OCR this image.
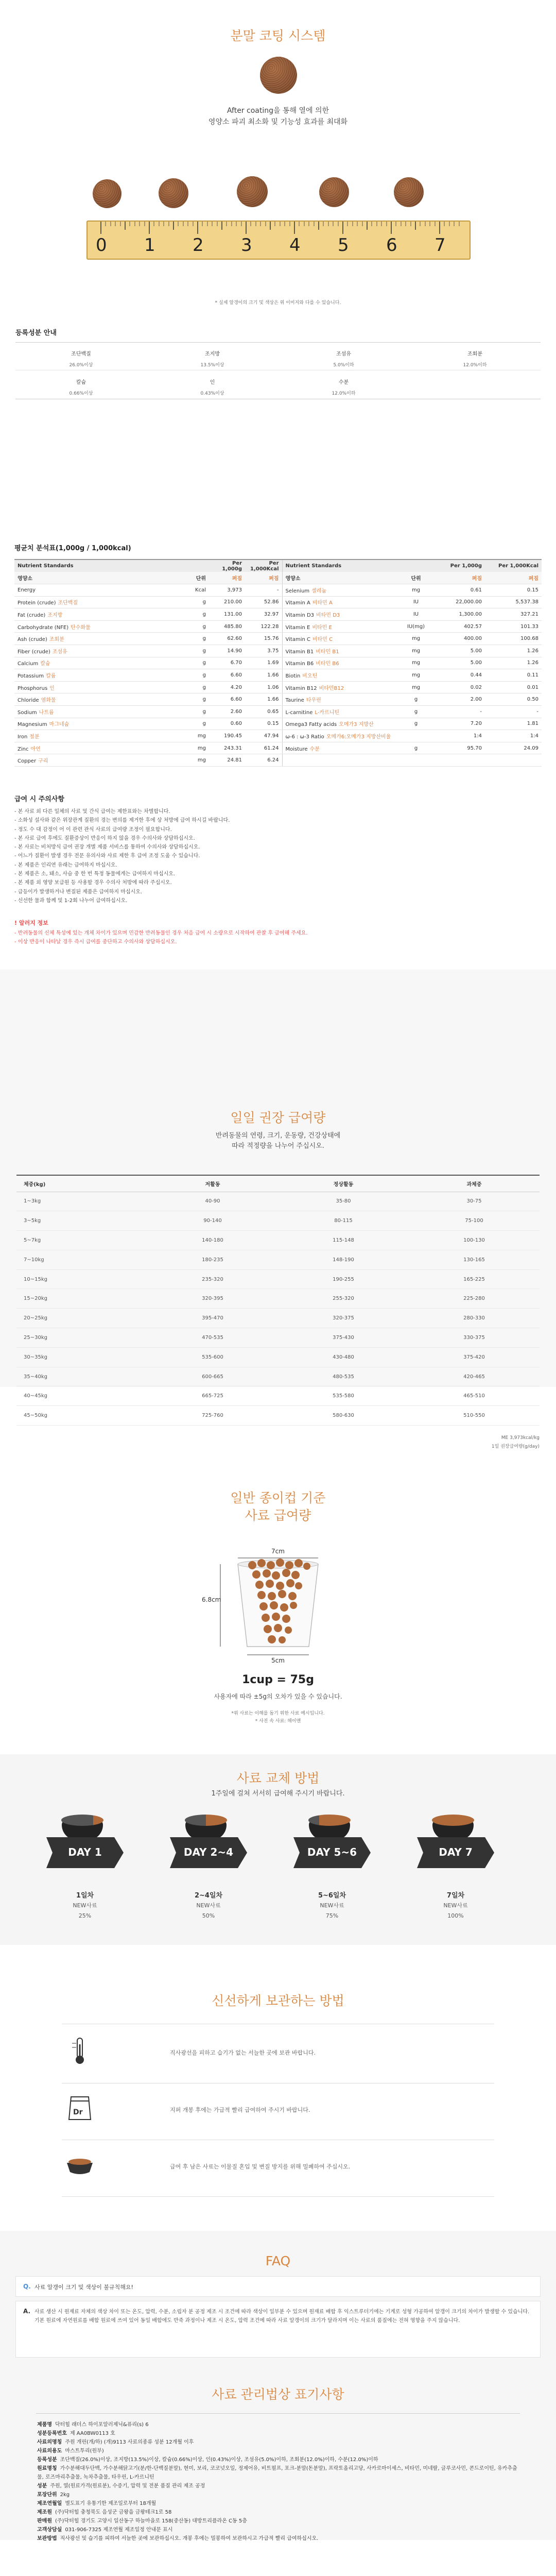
분말 코팅 시스템
After coating을 통해 열에 의한
영양소 파괴 최소화 및 기능성 효과를 최대화
0 1 2 3 4 5 6 7
* 실제 알갱이의 크기 및 색상은 위 이미지와 다를 수 있습니다.
등록성분 안내
조단백질
26.0%이상
조지방
13.5%이상
조섬유
5.0%이하
조회분
12.0%이하
칼슘
0.66%이상
인
0.43%이상
수분
12.0%이하
평균치 분석표(1,000g / 1,000kcal)
Nutrient Standards		Per 1,000g	Per 1,000Kcal	Nutrient Standards		Per 1,000g	Per 1,000Kcal
영양소	단위	퍼짐	퍼짐	영양소	단위	퍼짐	퍼짐
Energy	Kcal	3,973	-	Selenium 셀레늄	mg	0.61	0.15
Protein (crude) 조단백질	g	210.00	52.86	Vitamin A 비타민 A	IU	22,000.00	5,537.38
Fat (crude) 조지방	g	131.00	32.97	Vitamin D3 비타민 D3	IU	1,300.00	327.21
Carbohydrate (NFE) 탄수화물	g	485.80	122.28	Vitamin E 비타민 E	IU(mg)	402.57	101.33
Ash (crude) 조회분	g	62.60	15.76	Vitamin C 비타민 C	mg	400.00	100.68
Fiber (crude) 조섬유	g	14.90	3.75	Vitamin B1 비타민 B1	mg	5.00	1.26
Calcium 칼슘	g	6.70	1.69	Vitamin B6 비타민 B6	mg	5.00	1.26
Potassium 칼륨	g	6.60	1.66	Biotin 비오틴	mg	0.44	0.11
Phosphorus 인	g	4.20	1.06	Vitamin B12 비타민B12	mg	0.02	0.01
Chloride 염화물	g	6.60	1.66	Taurine 타우린	g	2.00	0.50
Sodium 나트륨	g	2.60	0.65	L-carnitine L-카르니틴	g	-	-
Magnesium 마그네슘	g	0.60	0.15	Omega3 Fatty acids 오메가3 지방산	g	7.20	1.81
Iron 철분	mg	190.45	47.94	ω-6 : ω-3 Ratio 오메가6:오메가3 지방산비율		1:4	1:4
Zinc 아연	mg	243.31	61.24	Moisture 수분	g	95.70	24.09
Copper 구리	mg	24.81	6.24				
급여 시 주의사항
- 본 사료 외 다른 일체의 사료 및 간식 급여는 제한표와는 차별합니다.
- 소화성 설사와 같은 위장관계 질환의 경는 변의를 제거한 후에 상 처방에 급여 하시길 바랍니다.
- 정도 수 대 감정이 어 이 관련 관식 사료의 급여량 조정이 필요합니다.
- 본 사료 급여 후에도 질환증상이 반응이 하지 않을 경우 수의사와 상담하십시오.
- 본 사료는 비처방식 급여 권장 개별 제품 서비스를 통하여 수의사와 상담하십시오.
- 어느가 질환이 발생 경우 전문 유의사와 사료 제한 후 급여 조정 도움 수 있습니다.
- 본 제품은 인리연 유래는 급여하지 마십시오.
- 본 제품은 소, 돼소, 사슴 중 한 번 특정 동물에게는 급여하지 마십시오.
- 본 제품 외 영양 보급원 등 사용할 경우 수의사 처방에 따라 주십시오.
- 급등이가 발생하거나 변질된 제품은 급여하지 마십시오.
- 신선한 물과 함께 및 1-2회 나누어 급여하십시오.
! 알러지 정보
- 반려동물의 신체 특성에 있는 개체 차이가 있으며 민감한 반려동물인 경우 처음 급여 시 소량으로 시작하여 관찰 후 급여해 주세요.
- 이상 반응이 나타날 경우 즉시 급여를 중단하고 수의사와 상담하십시오.
일일 권장 급여량
반려동물의 연령, 크기, 운동량, 건강상태에
따라 적정량을 나누어 주십시오.
체중(kg)	저활동	정상활동	과체중
1~3kg	40-90	35-80	30-75
3~5kg	90-140	80-115	75-100
5~7kg	140-180	115-148	100-130
7~10kg	180-235	148-190	130-165
10~15kg	235-320	190-255	165-225
15~20kg	320-395	255-320	225-280
20~25kg	395-470	320-375	280-330
25~30kg	470-535	375-430	330-375
30~35kg	535-600	430-480	375-420
35~40kg	600-665	480-535	420-465
40~45kg	665-725	535-580	465-510
45~50kg	725-760	580-630	510-550
ME 3,973kcal/kg
1일 권장급여량(g/day)
일반 종이컵 기준
사료 급여량
7cm
6.8cm
5cm
1cup = 75g
사용자에 따라 ±5g의 오차가 있을 수 있습니다.
*위 사료는 이해를 돕기 위한 사료 예시입니다.
* 사진 속 사료: 헤이맨
사료 교체 방법
1주일에 걸쳐 서서히 급여해 주시기 바랍니다.
DAY 1
1일차
NEW사료
25%
DAY 2~4
2~4일차
NEW사료
50%
DAY 5~6
5~6일차
NEW사료
75%
DAY 7
7일차
NEW사료
100%
신선하게 보관하는 방법
직사광선을 피하고 습기가 없는 서늘한 곳에 보관 바랍니다.
Dr	지퍼 개봉 후에는 가급적 빨리 급여하여 주시기 바랍니다.
급여 후 남은 사료는 이물질 혼입 및 변질 방지를 위해 밀폐하여 주십시오.
FAQ
Q. 사료 알갱이 크기 및 색상이 불규칙해요!
A. 사료 생산 시 원재료 자체의 색상 차이 또는 온도, 압력, 수분, 소립자 분 공정 제조 시 조건에 따라 색상이 일부분 수 있으며 원재료 배합 후 익스트루더기에는 기계로 성형 가공하여 알갱이 크기의 차이가 발생할 수 있습니다. 기본 원료에 자연원료를 배합 원료에 쓰여 있어 동일 배합에도 반죽 과정이나 제조 시 온도, 압력 조건에 따라 사료 알갱이의 크기가 달라지며 이는 사료의 품질에는 전혀 영향을 주지 않습니다.
사료 관리법상 표기사항
제품명 닥터힐 래더스 하이포알러제닉&퓨리(s) 6
성분등록번호 제 AA0BW0113 호
사료의명칭 주원 개린(개/하) (개)9113 사료의종류 성분 12개월 이후
사료의용도 마스트투리(원부)
등록성분 조단백질(26.0%)이상, 조지방(13.5%)이상, 칼슘(0.66%)이상, 인(0.43%)이상, 조섬유(5.0%)이하, 조회분(12.0%)이하, 수분(12.0%)이하
원료명칭 가수분해대두단백, 가수분해닭고기(분/한-단백질분말), 현미, 보리, 코코넛오일, 정제어유, 비트펄프, 포크-분말(돈분말), 프락토올리고당, 사카로마이세스, 비타민, 미네랄, 글루코사민, 콘드로이틴, 유카추출물, 로즈마리추출물, 녹차추출물, 타우린, L-카르니틴
성분 주원, 열(원료가격(원료분), 수증기, 압력 및 전분 품질 관리 제조 공정
포장단위 2kg
제조연월일 별도표기 유통기한 제조일로부터 18개월
제조원 (주)닥터힐 충청북도 음성군 금왕읍 금왕테크1로 58
판매원 (주)닥터힐 경기도 고양시 일산동구 하늘마을로 158(중산동) 대방트리플라온 C동 5층
고객상담실 031-906-7325 제조연월 제조일정 안내문 표시
보관방법 직사광선 및 습기를 피하여 서늘한 곳에 보관하십시오. 개봉 후에는 밀봉하여 보관하시고 가급적 빨리 급여하십시오.
